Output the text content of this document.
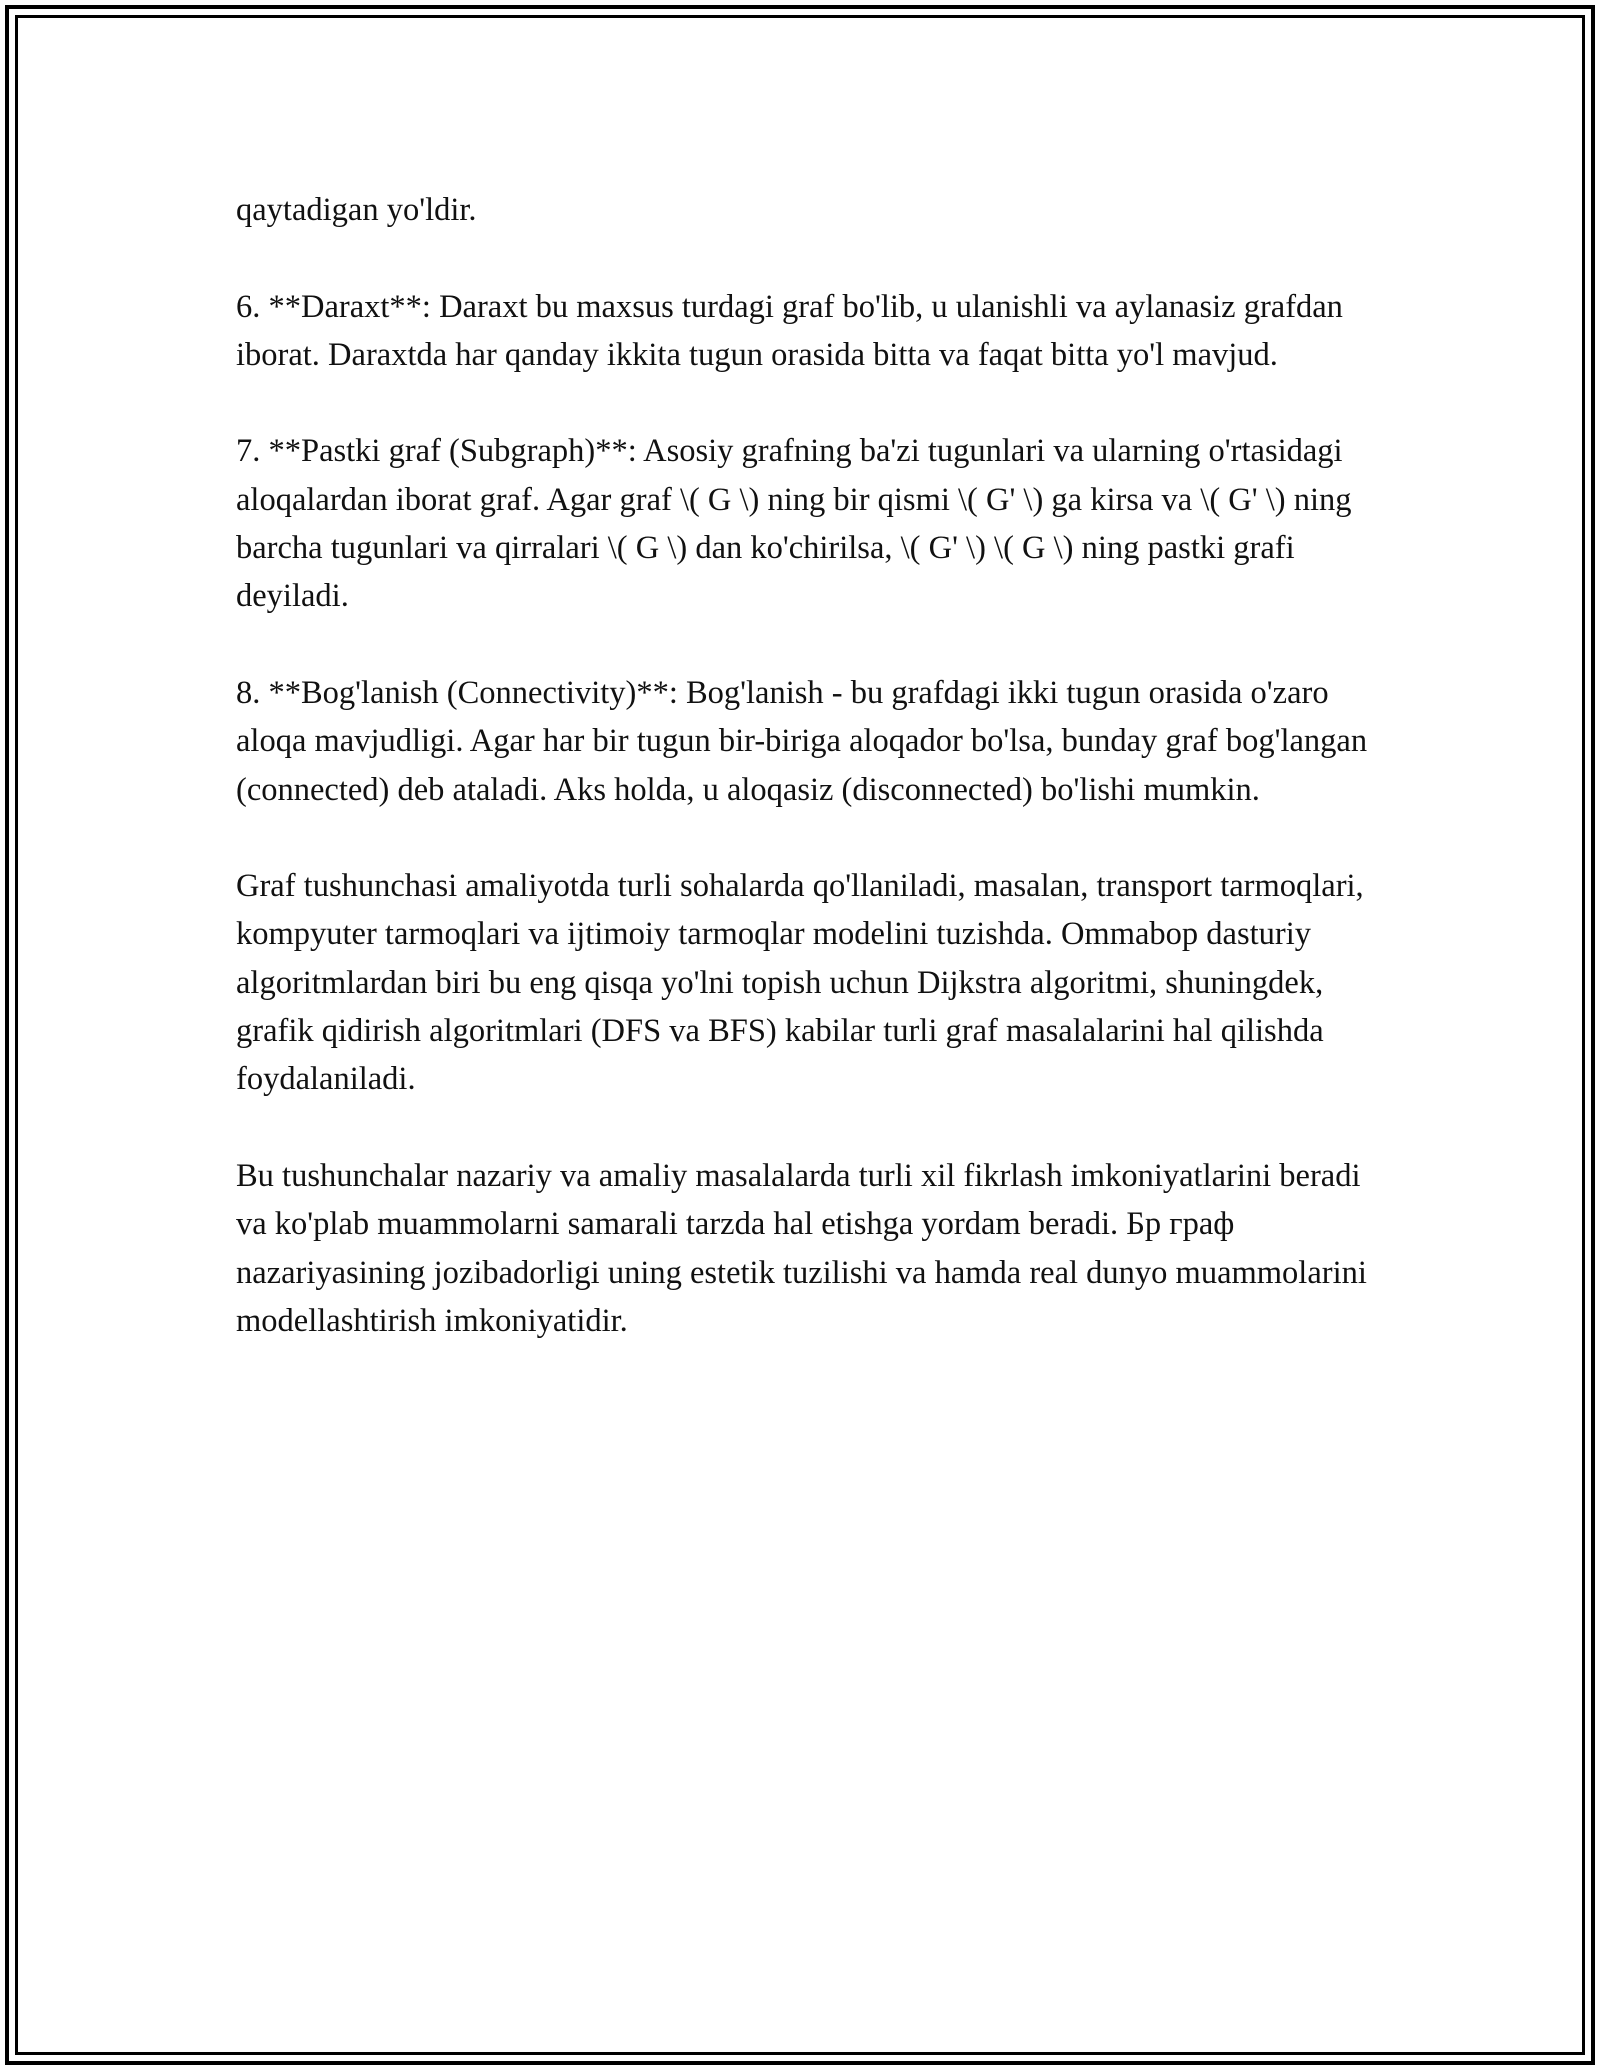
qaytadigan yo'ldir.

6. **Daraxt**: Daraxt bu maxsus turdagi graf bo'lib, u ulanishli va aylanasiz grafdan iborat. Daraxtda har qanday ikkita tugun orasida bitta va faqat bitta yo'l mavjud.

7. **Pastki graf (Subgraph)**: Asosiy grafning ba'zi tugunlari va ularning o'rtasidagi aloqalardan iborat graf. Agar graf \( G \) ning bir qismi \( G' \) ga kirsa va \( G' \) ning barcha tugunlari va qirralari \( G \) dan ko'chirilsa, \( G' \) \( G \) ning pastki grafi deyiladi.

8. **Bog'lanish (Connectivity)**: Bog'lanish - bu grafdagi ikki tugun orasida o'zaro aloqa mavjudligi. Agar har bir tugun bir-biriga aloqador bo'lsa, bunday graf bog'langan (connected) deb ataladi. Aks holda, u aloqasiz (disconnected) bo'lishi mumkin.

Graf tushunchasi amaliyotda turli sohalarda qo'llaniladi, masalan, transport tarmoqlari, kompyuter tarmoqlari va ijtimoiy tarmoqlar modelini tuzishda. Ommabop dasturiy algoritmlardan biri bu eng qisqa yo'lni topish uchun Dijkstra algoritmi, shuningdek, grafik qidirish algoritmlari (DFS va BFS) kabilar turli graf masalalarini hal qilishda foydalaniladi.

Bu tushunchalar nazariy va amaliy masalalarda turli xil fikrlash imkoniyatlarini beradi va ko'plab muammolarni samarali tarzda hal etishga yordam beradi. Бр граф nazariyasining jozibadorligi uning estetik tuzilishi va hamda real dunyo muammolarini modellashtirish imkoniyatidir.
